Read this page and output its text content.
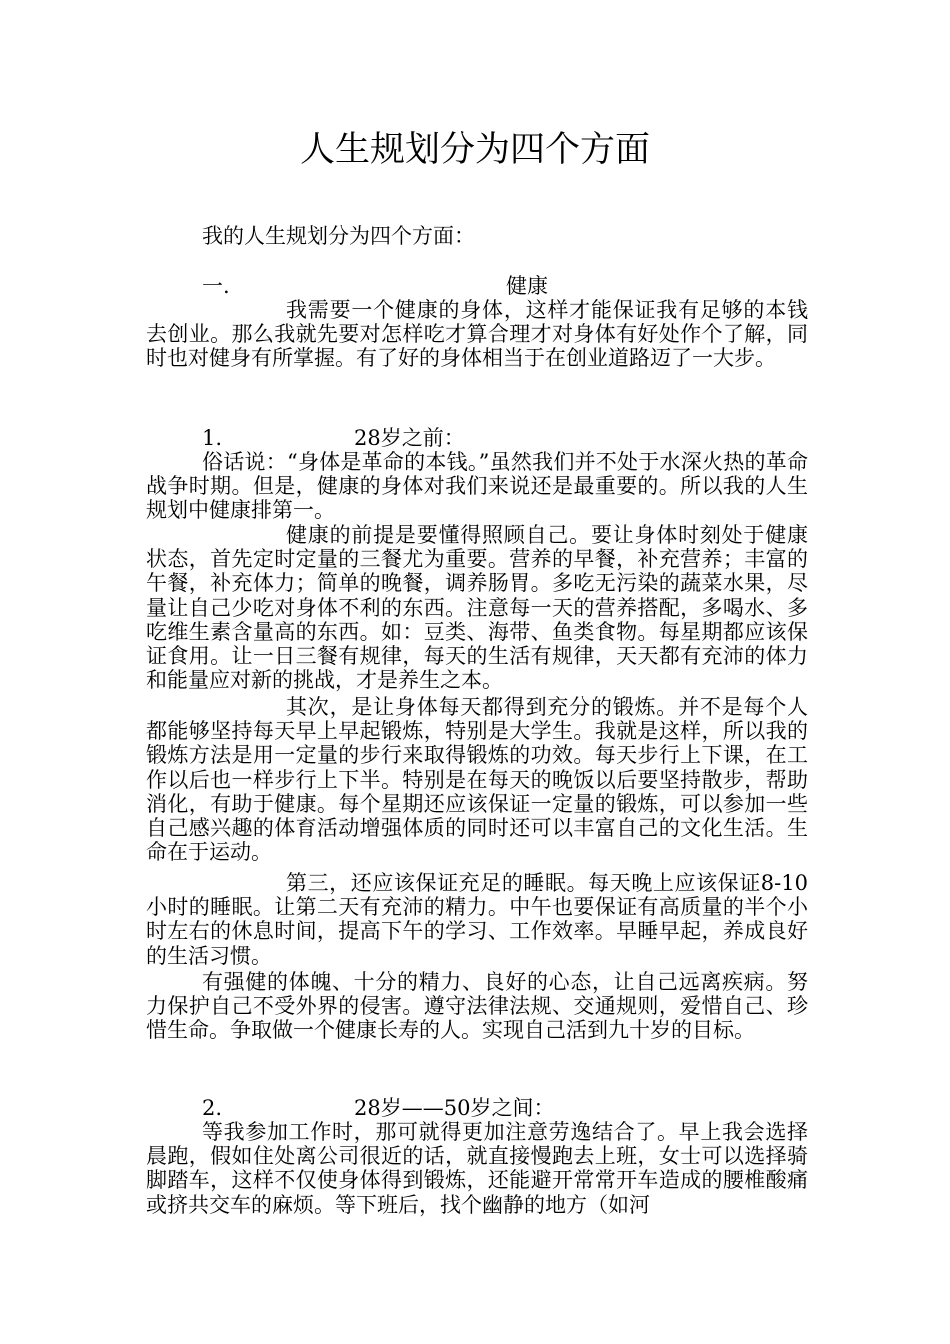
人生规划分为四个方面

我的人生规划分为四个方面：

一.	健康

我需要一个健康的身体，这样才能保证我有足够的本钱去创业。那么我就先要对怎样吃才算合理才对身体有好处作个了解，同时也对健身有所掌握。有了好的身体相当于在创业道路迈了一大步。

1.	28岁之前：

俗话说：“身体是革命的本钱。”虽然我们并不处于水深火热的革命战争时期。但是，健康的身体对我们来说还是最重要的。所以我的人生规划中健康排第一。

健康的前提是要懂得照顾自己。要让身体时刻处于健康状态，首先定时定量的三餐尤为重要。营养的早餐，补充营养；丰富的午餐，补充体力；简单的晚餐，调养肠胃。多吃无污染的蔬菜水果，尽量让自己少吃对身体不利的东西。注意每一天的营养搭配，多喝水、多吃维生素含量高的东西。如：豆类、海带、鱼类食物。每星期都应该保证食用。让一日三餐有规律，每天的生活有规律，天天都有充沛的体力和能量应对新的挑战，才是养生之本。

其次，是让身体每天都得到充分的锻炼。并不是每个人都能够坚持每天早上早起锻炼，特别是大学生。我就是这样，所以我的锻炼方法是用一定量的步行来取得锻炼的功效。每天步行上下课，在工作以后也一样步行上下半。特别是在每天的晚饭以后要坚持散步，帮助消化，有助于健康。每个星期还应该保证一定量的锻炼，可以参加一些自己感兴趣的体育活动增强体质的同时还可以丰富自己的文化生活。生命在于运动。

第三，还应该保证充足的睡眠。每天晚上应该保证8-10小时的睡眠。让第二天有充沛的精力。中午也要保证有高质量的半个小时左右的休息时间，提高下午的学习、工作效率。早睡早起，养成良好的生活习惯。

有强健的体魄、十分的精力、良好的心态，让自己远离疾病。努力保护自己不受外界的侵害。遵守法律法规、交通规则，爱惜自己、珍惜生命。争取做一个健康长寿的人。实现自己活到九十岁的目标。

2.	28岁——50岁之间：

等我参加工作时，那可就得更加注意劳逸结合了。早上我会选择晨跑，假如住处离公司很近的话，就直接慢跑去上班，女士可以选择骑脚踏车，这样不仅使身体得到锻炼，还能避开常常开车造成的腰椎酸痛或挤共交车的麻烦。等下班后，找个幽静的地方（如河
